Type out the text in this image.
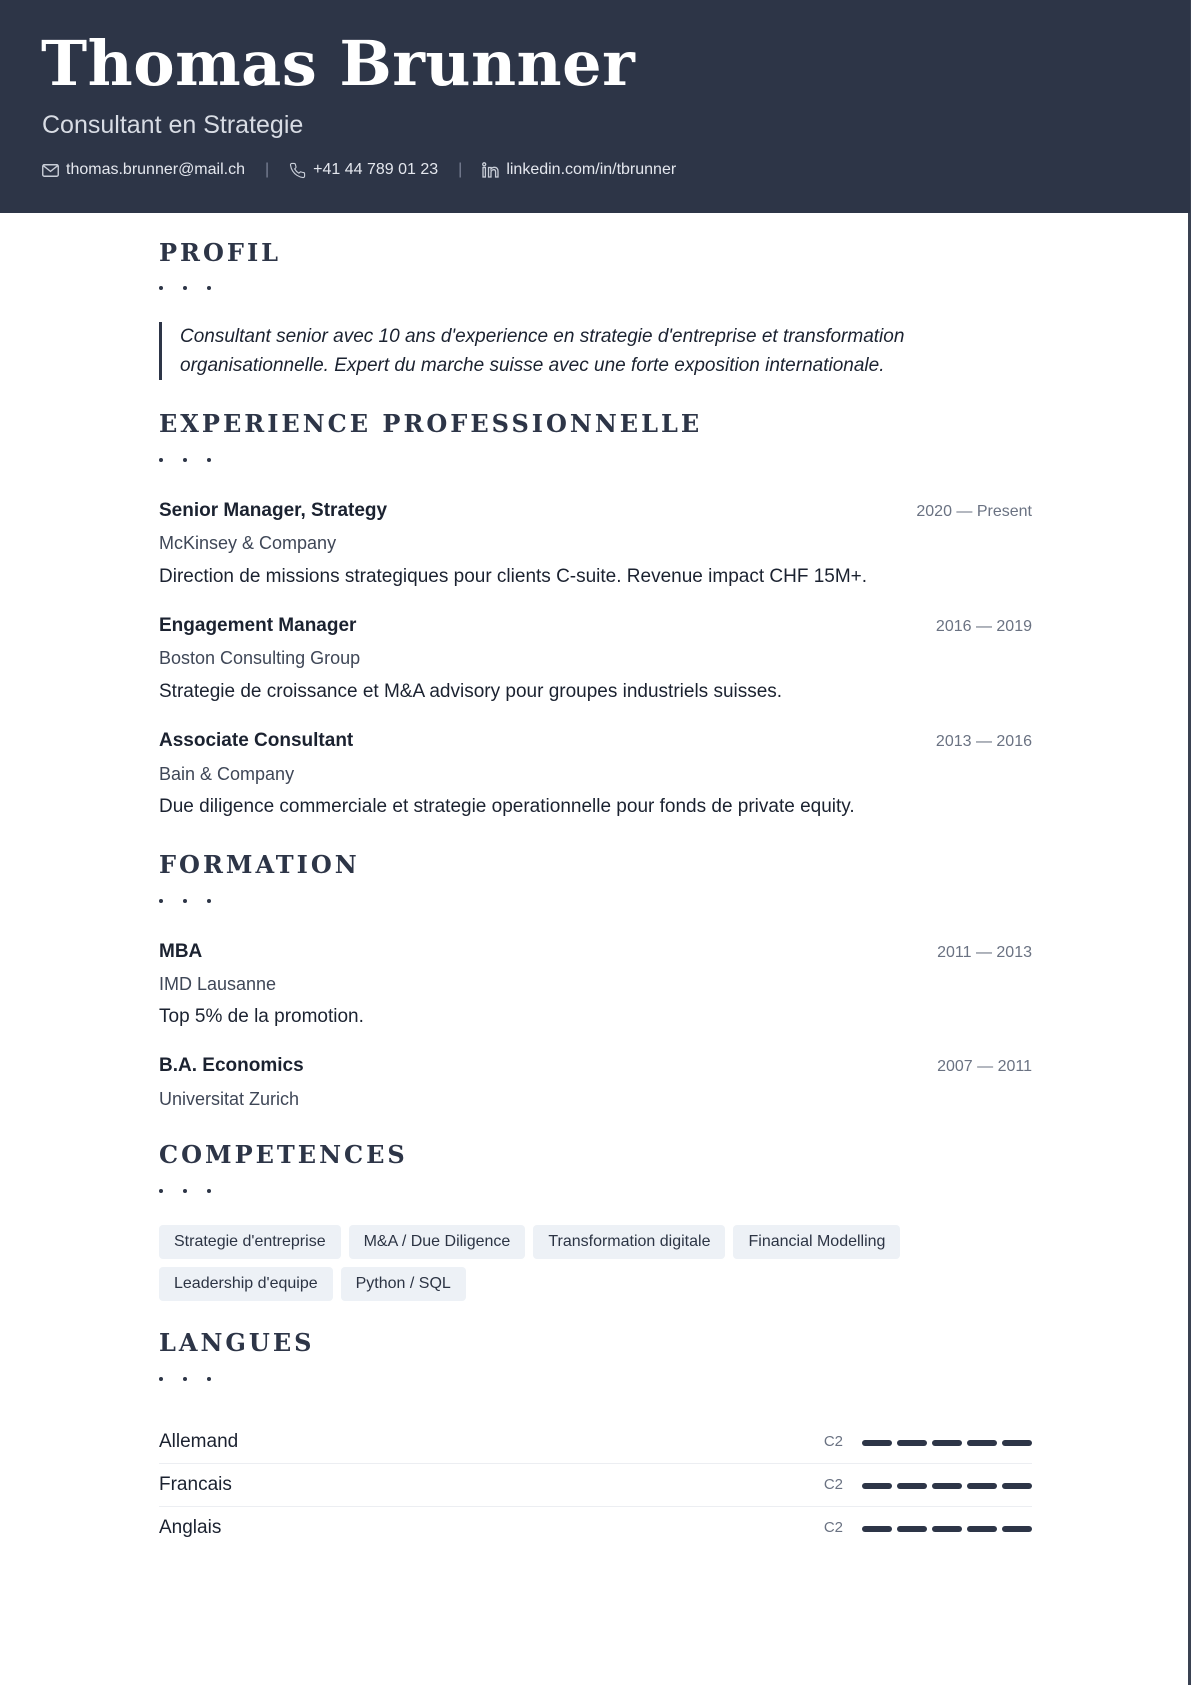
Thomas Brunner
Consultant en Strategie
thomas.brunner@mail.ch |	+41 44 789 01 23 |	linkedin.com/in/tbrunner
PROFIL
Consultant senior avec 10 ans d'experience en strategie d'entreprise et transformation organisationnelle. Expert du marche suisse avec une forte exposition internationale.
EXPERIENCE PROFESSIONNELLE
Senior Manager, Strategy	2020 — Present
McKinsey & Company
Direction de missions strategiques pour clients C-suite. Revenue impact CHF 15M+.
Engagement Manager	2016 — 2019
Boston Consulting Group
Strategie de croissance et M&A advisory pour groupes industriels suisses.
Associate Consultant	2013 — 2016
Bain & Company
Due diligence commerciale et strategie operationnelle pour fonds de private equity.
FORMATION
MBA	2011 — 2013
IMD Lausanne
Top 5% de la promotion.
B.A. Economics	2007 — 2011
Universitat Zurich
COMPETENCES
Strategie d'entreprise	M&A / Due Diligence	Transformation digitale	Financial Modelling
Leadership d'equipe	Python / SQL
LANGUES
Allemand	C2
Francais	C2
Anglais	C2
